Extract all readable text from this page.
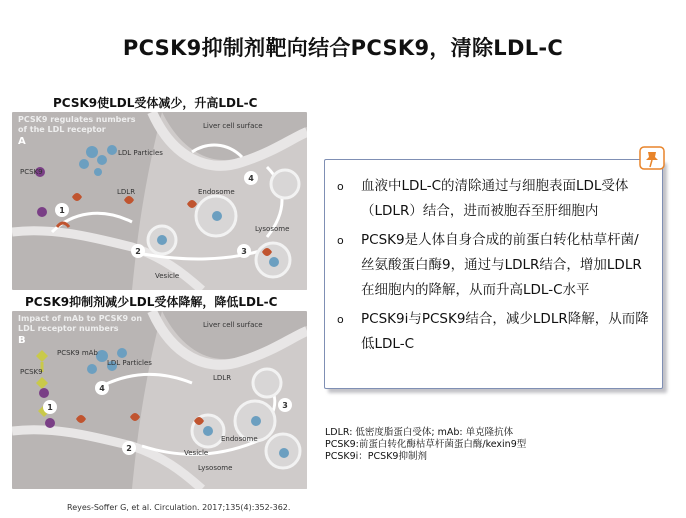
PCSK9抑制剂靶向结合PCSK9，清除LDL-C
PCSK9使LDL受体减少，升高LDL-C
1
2	3
4
PCSK9 regulates numbers
of the LDL receptor
A
Liver cell surface
LDL Particles
PCSK9
LDLR	Endosome
Lysosome
Vesicle
PCSK9抑制剂减少LDL受体降解，降低LDL-C
1
2
3
4
Impact of mAb to PCSK9 on
LDL receptor numbers
B
Liver cell surface
PCSK9 mAb
LDL Particles
PCSK9
LDLR
Endosome
Vesicle
Lysosome
o 血液中LDL-C的清除通过与细胞表面LDL受体（LDLR）结合，进而被胞吞至肝细胞内
o PCSK9是人体自身合成的前蛋白转化枯草杆菌/丝氨酸蛋白酶9，通过与LDLR结合，增加LDLR在细胞内的降解，从而升高LDL-C水平
o PCSK9i与PCSK9结合，减少LDLR降解，从而降低LDL-C
LDLR: 低密度脂蛋白受体; mAb: 单克隆抗体
PCSK9:前蛋白转化酶枯草杆菌蛋白酶/kexin9型
PCSK9i：PCSK9抑制剂
Reyes-Soffer G, et al. Circulation. 2017;135(4):352-362.
